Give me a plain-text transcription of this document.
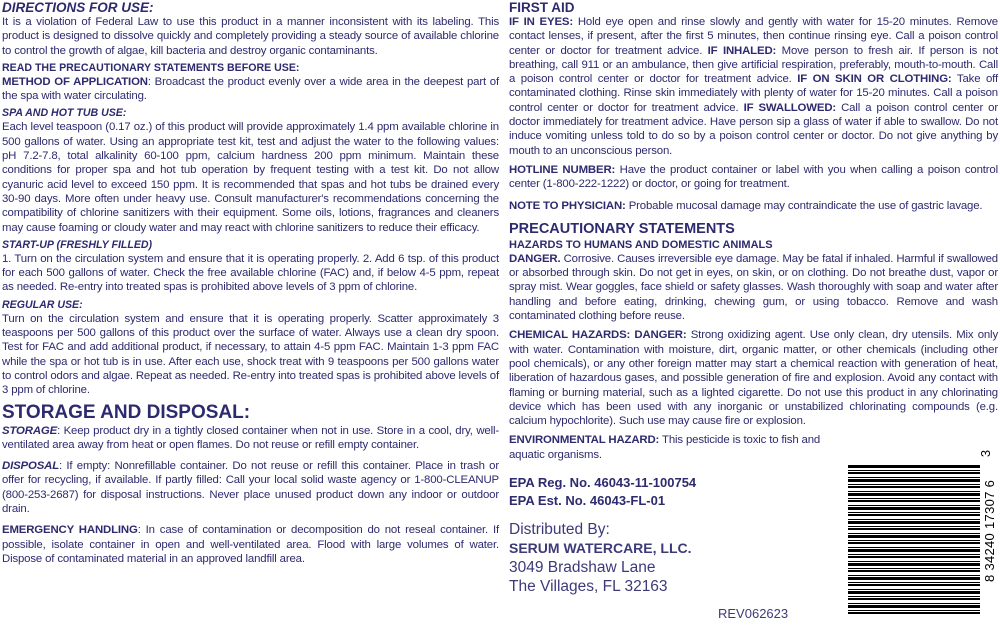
DIRECTIONS FOR USE:

It is a violation of Federal Law to use this product in a manner inconsistent with its labeling. This product is designed to dissolve quickly and completely providing a steady source of available chlorine to control the growth of algae, kill bacteria and destroy organic contaminants.

READ THE PRECAUTIONARY STATEMENTS BEFORE USE:

METHOD OF APPLICATION: Broadcast the product evenly over a wide area in the deepest part of the spa with water circulating.

SPA AND HOT TUB USE:

Each level teaspoon (0.17 oz.) of this product will provide approximately 1.4 ppm available chlorine in 500 gallons of water. Using an appropriate test kit, test and adjust the water to the following values: pH 7.2-7.8, total alkalinity 60-100 ppm, calcium hardness 200 ppm minimum. Maintain these conditions for proper spa and hot tub operation by frequent testing with a test kit. Do not allow cyanuric acid level to exceed 150 ppm. It is recommended that spas and hot tubs be drained every 30-90 days. More often under heavy use. Consult manufacturer's recommendations concerning the compatibility of chlorine sanitizers with their equipment. Some oils, lotions, fragrances and cleaners may cause foaming or cloudy water and may react with chlorine sanitizers to reduce their efficacy.

START-UP (FRESHLY FILLED)

1. Turn on the circulation system and ensure that it is operating properly. 2. Add 6 tsp. of this product for each 500 gallons of water. Check the free available chlorine (FAC) and, if below 4-5 ppm, repeat as needed. Re-entry into treated spas is prohibited above levels of 3 ppm of chlorine.

REGULAR USE:

Turn on the circulation system and ensure that it is operating properly. Scatter approximately 3 teaspoons per 500 gallons of this product over the surface of water. Always use a clean dry spoon. Test for FAC and add additional product, if necessary, to attain 4-5 ppm FAC. Maintain 1-3 ppm FAC while the spa or hot tub is in use. After each use, shock treat with 9 teaspoons per 500 gallons water to control odors and algae. Repeat as needed. Re-entry into treated spas is prohibited above levels of 3 ppm of chlorine.

STORAGE AND DISPOSAL:

STORAGE: Keep product dry in a tightly closed container when not in use. Store in a cool, dry, well-ventilated area away from heat or open flames. Do not reuse or refill empty container.

DISPOSAL: If empty: Nonrefillable container. Do not reuse or refill this container. Place in trash or offer for recycling, if available. If partly filled: Call your local solid waste agency or 1-800-CLEANUP (800-253-2687) for disposal instructions. Never place unused product down any indoor or outdoor drain.

EMERGENCY HANDLING: In case of contamination or decomposition do not reseal container. If possible, isolate container in open and well-ventilated area. Flood with large volumes of water. Dispose of contaminated material in an approved landfill area.

FIRST AID

IF IN EYES: Hold eye open and rinse slowly and gently with water for 15-20 minutes. Remove contact lenses, if present, after the first 5 minutes, then continue rinsing eye. Call a poison control center or doctor for treatment advice. IF INHALED: Move person to fresh air. If person is not breathing, call 911 or an ambulance, then give artificial respiration, preferably, mouth-to-mouth. Call a poison control center or doctor for treatment advice. IF ON SKIN OR CLOTHING: Take off contaminated clothing. Rinse skin immediately with plenty of water for 15-20 minutes. Call a poison control center or doctor for treatment advice. IF SWALLOWED: Call a poison control center or doctor immediately for treatment advice. Have person sip a glass of water if able to swallow. Do not induce vomiting unless told to do so by a poison control center or doctor. Do not give anything by mouth to an unconscious person.

HOTLINE NUMBER: Have the product container or label with you when calling a poison control center (1-800-222-1222) or doctor, or going for treatment.

NOTE TO PHYSICIAN: Probable mucosal damage may contraindicate the use of gastric lavage.

PRECAUTIONARY STATEMENTS
HAZARDS TO HUMANS AND DOMESTIC ANIMALS

DANGER. Corrosive. Causes irreversible eye damage. May be fatal if inhaled. Harmful if swallowed or absorbed through skin. Do not get in eyes, on skin, or on clothing. Do not breathe dust, vapor or spray mist. Wear goggles, face shield or safety glasses. Wash thoroughly with soap and water after handling and before eating, drinking, chewing gum, or using tobacco. Remove and wash contaminated clothing before reuse.

CHEMICAL HAZARDS: DANGER: Strong oxidizing agent. Use only clean, dry utensils. Mix only with water. Contamination with moisture, dirt, organic matter, or other chemicals (including other pool chemicals), or any other foreign matter may start a chemical reaction with generation of heat, liberation of hazardous gases, and possible generation of fire and explosion. Avoid any contact with flaming or burning material, such as a lighted cigarette. Do not use this product in any chlorinating device which has been used with any inorganic or unstabilized chlorinating compounds (e.g. calcium hypochlorite). Such use may cause fire or explosion.

ENVIRONMENTAL HAZARD: This pesticide is toxic to fish and aquatic organisms.

EPA Reg. No. 46043-11-100754
EPA Est. No. 46043-FL-01
Distributed By:
SERUM WATERCARE, LLC.
3049 Bradshaw Lane
The Villages, FL 32163
REV062623
8 34240 17307 6
3
